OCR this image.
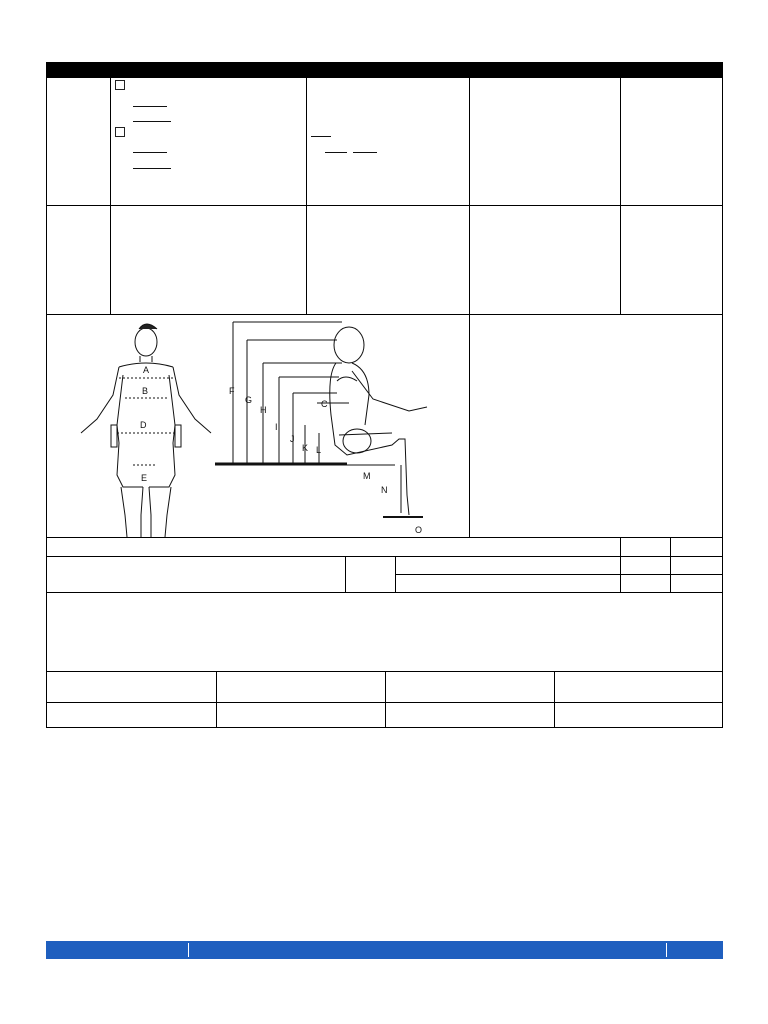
A
B
D
E
F
G
H
C
I
J
K L
M
N
O
